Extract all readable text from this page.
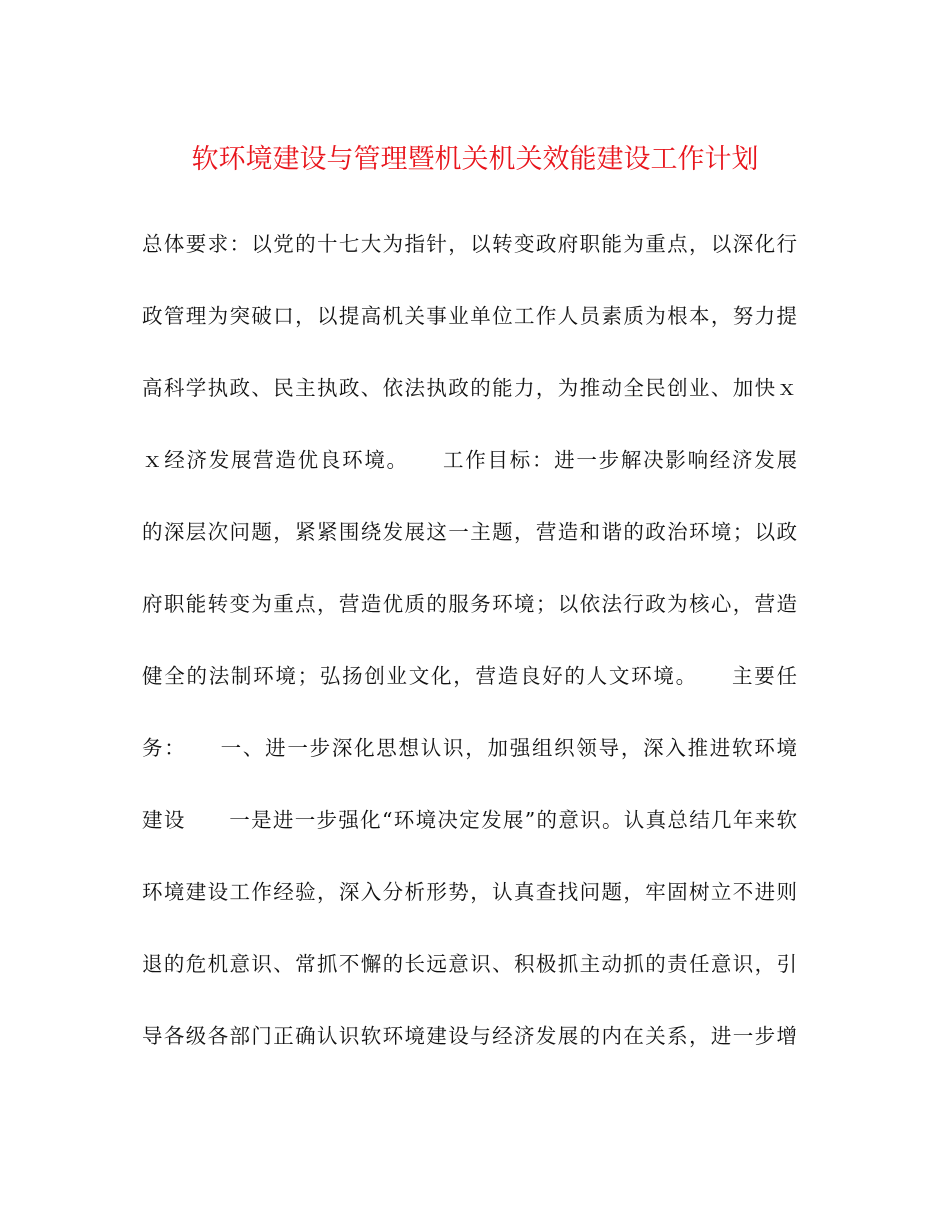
软环境建设与管理暨机关机关效能建设工作计划
总体要求：以党的十七大为指针，以转变政府职能为重点，以深化行
政管理为突破口，以提高机关事业单位工作人员素质为根本，努力提
高科学执政、民主执政、依法执政的能力，为推动全民创业、加快ｘ
ｘ经济发展营造优良环境。　　工作目标：进一步解决影响经济发展
的深层次问题，紧紧围绕发展这一主题，营造和谐的政治环境；以政
府职能转变为重点，营造优质的服务环境；以依法行政为核心，营造
健全的法制环境；弘扬创业文化，营造良好的人文环境。　　主要任
务：　　一、进一步深化思想认识，加强组织领导，深入推进软环境
建设　　一是进一步强化“环境决定发展”的意识。认真总结几年来软
环境建设工作经验，深入分析形势，认真查找问题，牢固树立不进则
退的危机意识、常抓不懈的长远意识、积极抓主动抓的责任意识，引
导各级各部门正确认识软环境建设与经济发展的内在关系，进一步增
